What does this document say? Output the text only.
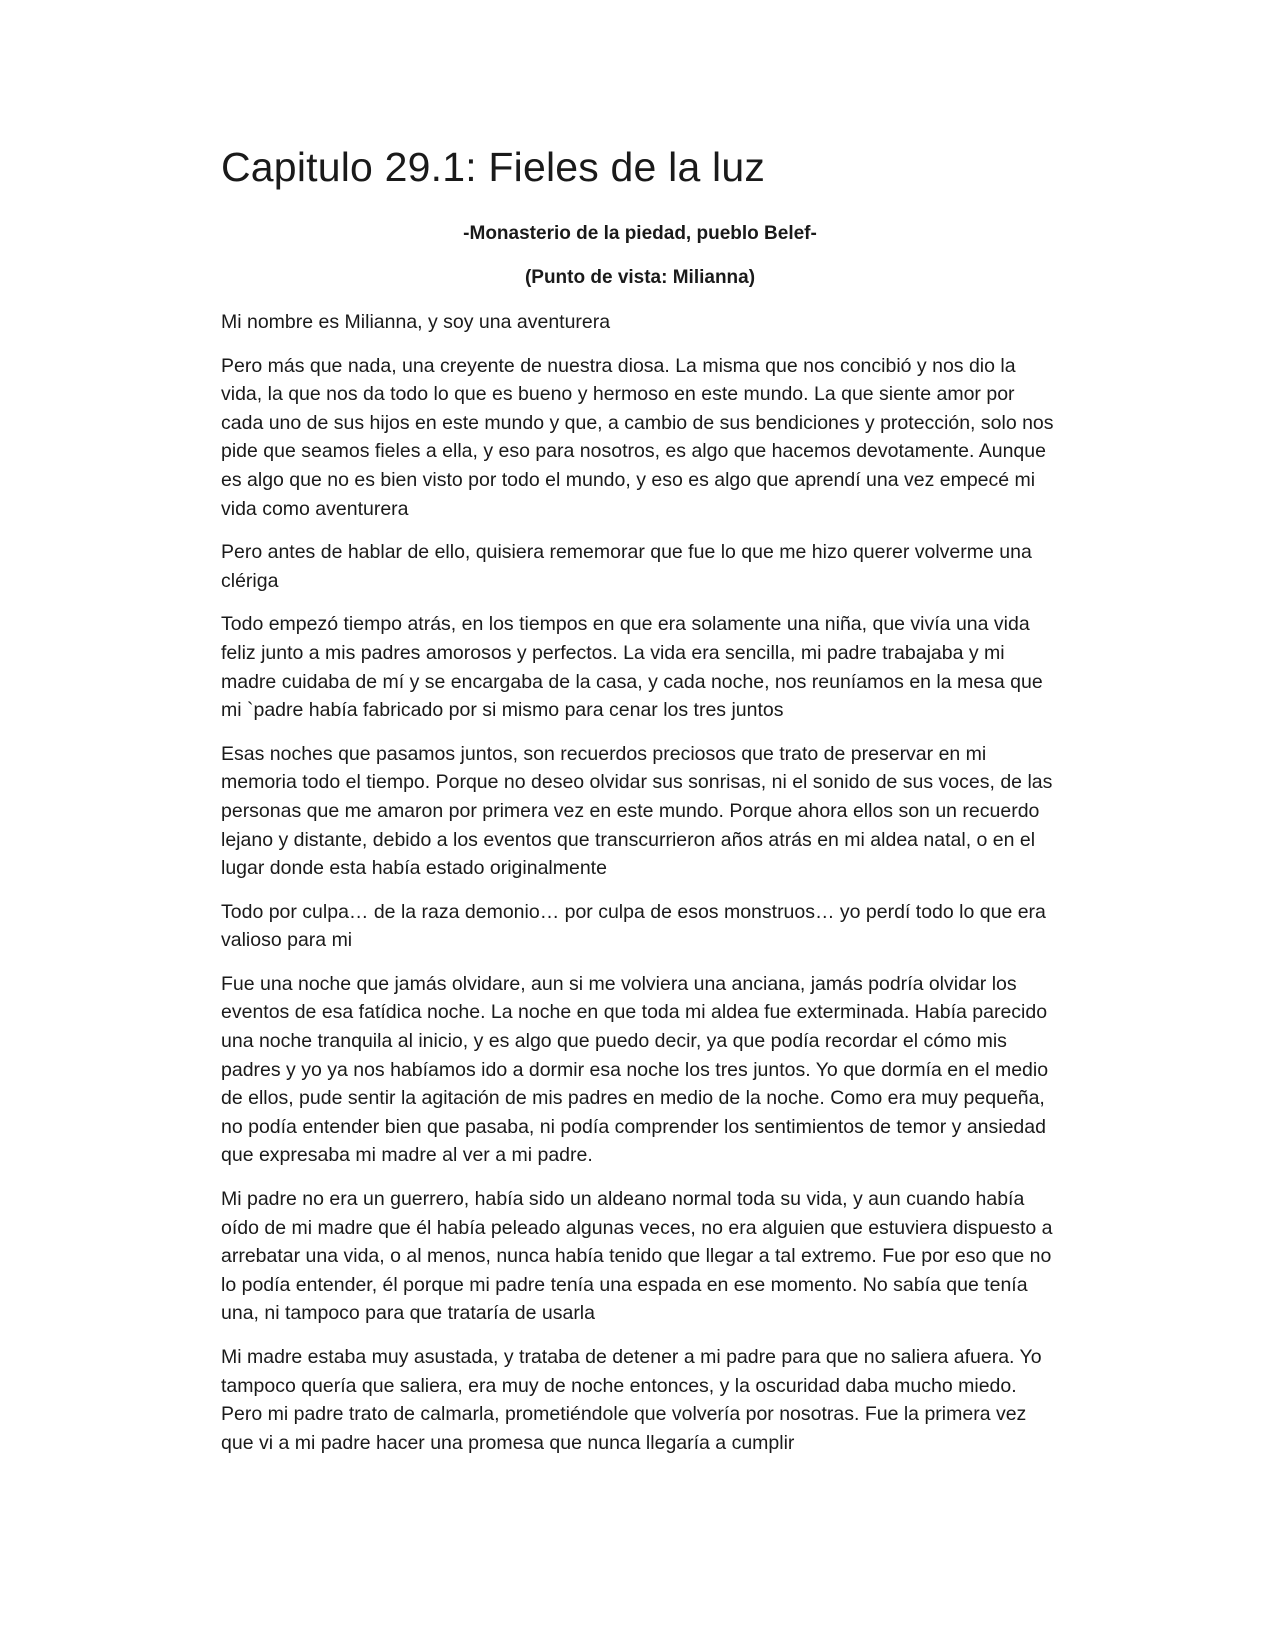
Capitulo 29.1: Fieles de la luz
-Monasterio de la piedad, pueblo Belef-
(Punto de vista: Milianna)

Mi nombre es Milianna, y soy una aventurera

Pero más que nada, una creyente de nuestra diosa. La misma que nos concibió y nos dio la vida, la que nos da todo lo que es bueno y hermoso en este mundo. La que siente amor por cada uno de sus hijos en este mundo y que, a cambio de sus bendiciones y protección, solo nos pide que seamos fieles a ella, y eso para nosotros, es algo que hacemos devotamente. Aunque es algo que no es bien visto por todo el mundo, y eso es algo que aprendí una vez empecé mi vida como aventurera

Pero antes de hablar de ello, quisiera rememorar que fue lo que me hizo querer volverme una clériga

Todo empezó tiempo atrás, en los tiempos en que era solamente una niña, que vivía una vida feliz junto a mis padres amorosos y perfectos. La vida era sencilla, mi padre trabajaba y mi madre cuidaba de mí y se encargaba de la casa, y cada noche, nos reuníamos en la mesa que mi `padre había fabricado por si mismo para cenar los tres juntos

Esas noches que pasamos juntos, son recuerdos preciosos que trato de preservar en mi memoria todo el tiempo. Porque no deseo olvidar sus sonrisas, ni el sonido de sus voces, de las personas que me amaron por primera vez en este mundo. Porque ahora ellos son un recuerdo lejano y distante, debido a los eventos que transcurrieron años atrás en mi aldea natal, o en el lugar donde esta había estado originalmente

Todo por culpa… de la raza demonio… por culpa de esos monstruos… yo perdí todo lo que era valioso para mi

Fue una noche que jamás olvidare, aun si me volviera una anciana, jamás podría olvidar los eventos de esa fatídica noche. La noche en que toda mi aldea fue exterminada. Había parecido una noche tranquila al inicio, y es algo que puedo decir, ya que podía recordar el cómo mis padres y yo ya nos habíamos ido a dormir esa noche los tres juntos. Yo que dormía en el medio de ellos, pude sentir la agitación de mis padres en medio de la noche. Como era muy pequeña, no podía entender bien que pasaba, ni podía comprender los sentimientos de temor y ansiedad que expresaba mi madre al ver a mi padre.

Mi padre no era un guerrero, había sido un aldeano normal toda su vida, y aun cuando había oído de mi madre que él había peleado algunas veces, no era alguien que estuviera dispuesto a arrebatar una vida, o al menos, nunca había tenido que llegar a tal extremo. Fue por eso que no lo podía entender, él porque mi padre tenía una espada en ese momento. No sabía que tenía una, ni tampoco para que trataría de usarla

Mi madre estaba muy asustada, y trataba de detener a mi padre para que no saliera afuera. Yo tampoco quería que saliera, era muy de noche entonces, y la oscuridad daba mucho miedo. Pero mi padre trato de calmarla, prometiéndole que volvería por nosotras. Fue la primera vez que vi a mi padre hacer una promesa que nunca llegaría a cumplir
